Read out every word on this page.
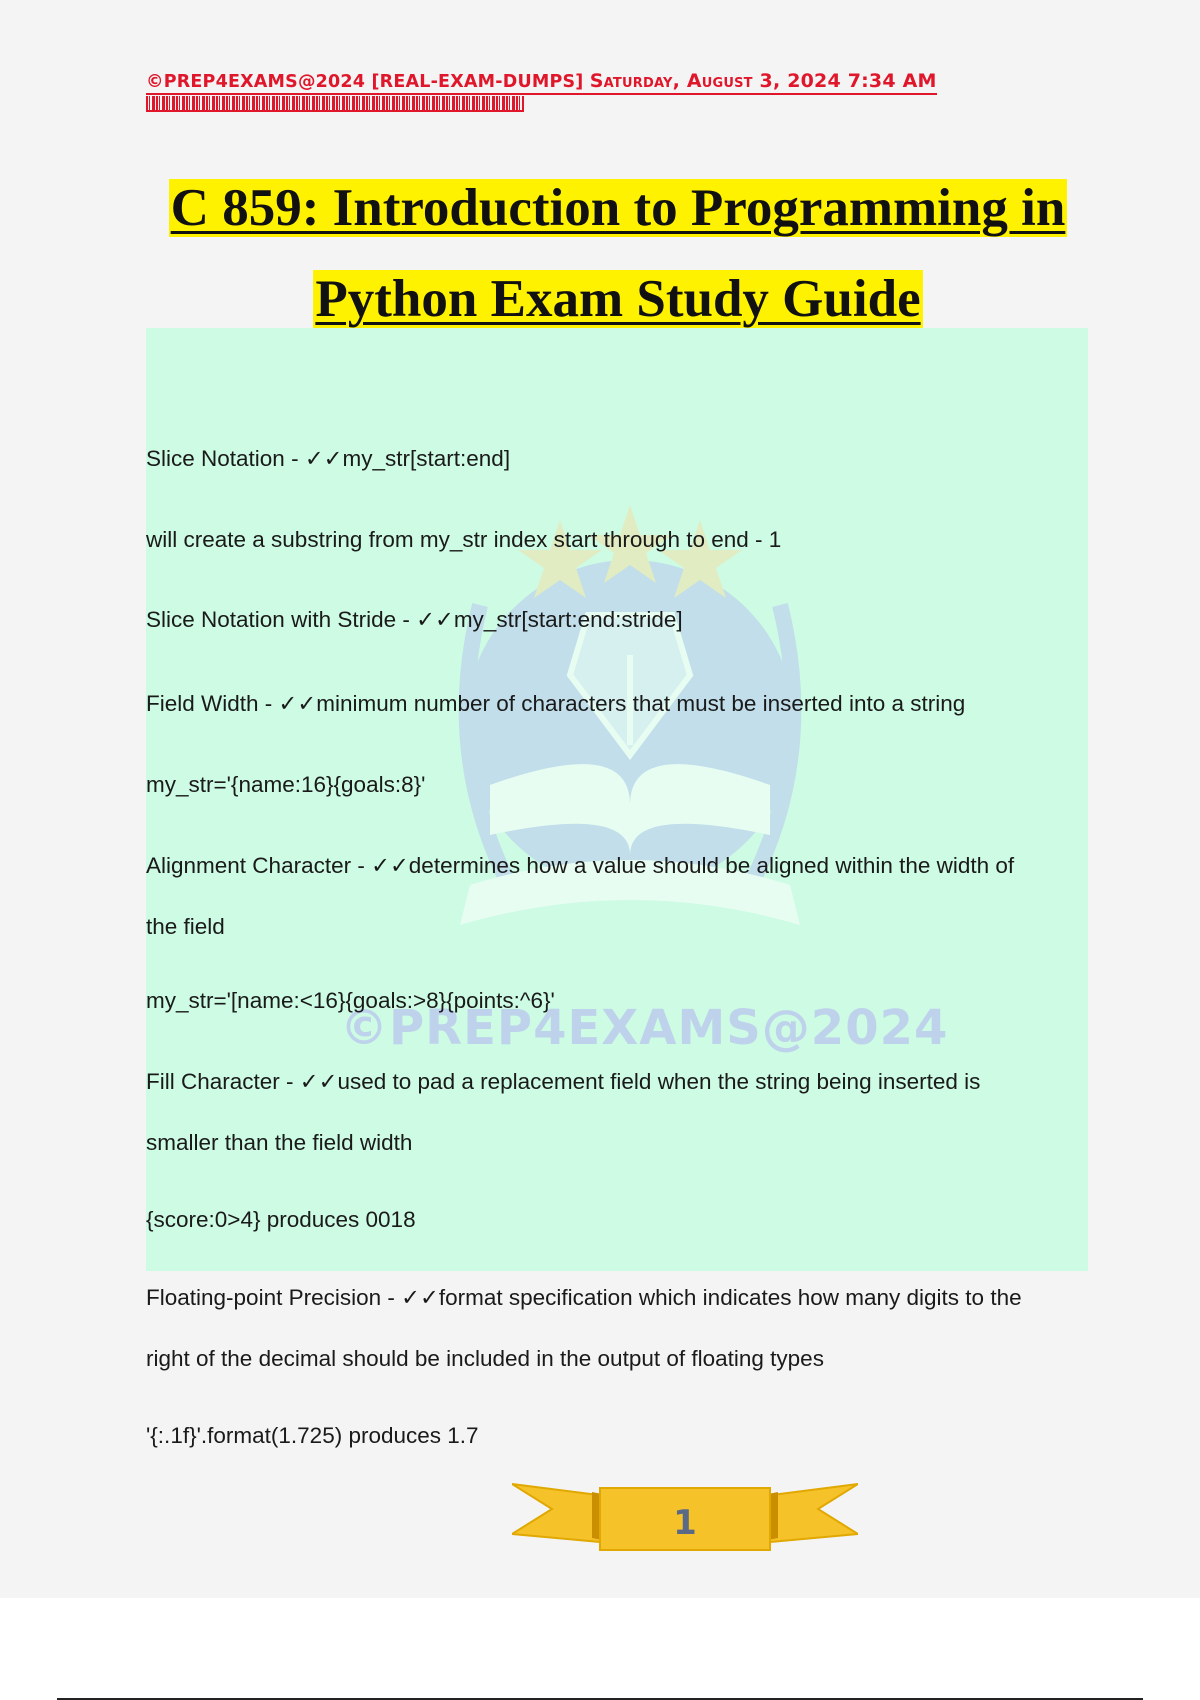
©PREP4EXAMS@2024 [REAL-EXAM-DUMPS] Saturday, August 3, 2024 7:34 AM
©PREP4EXAMS@2024
C 859: Introduction to Programming in
Python Exam Study Guide
Slice Notation - ✓✓my_str[start:end]
will create a substring from my_str index start through to end - 1
Slice Notation with Stride - ✓✓my_str[start:end:stride]
Field Width - ✓✓minimum number of characters that must be inserted into a string
my_str='{name:16}{goals:8}'
Alignment Character - ✓✓determines how a value should be aligned within the width of
the field
my_str='[name:<16}{goals:>8}{points:^6}'
Fill Character - ✓✓used to pad a replacement field when the string being inserted is
smaller than the field width
{score:0>4} produces 0018
Floating-point Precision - ✓✓format specification which indicates how many digits to the
right of the decimal should be included in the output of floating types
'{:.1f}'.format(1.725) produces 1.7
1
